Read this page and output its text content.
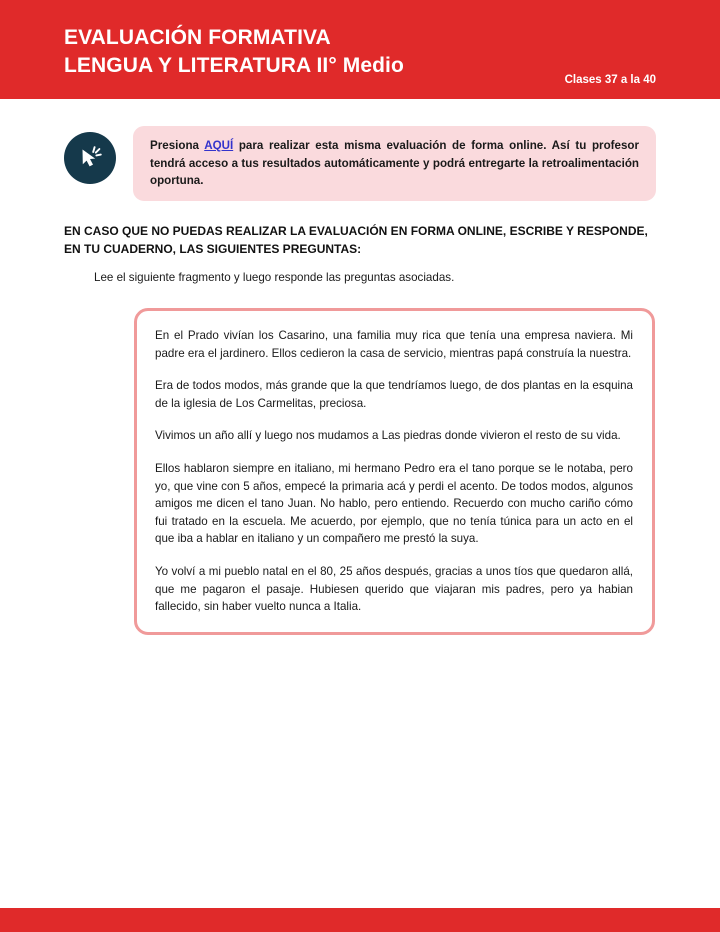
EVALUACIÓN FORMATIVA
LENGUA Y LITERATURA II° Medio
Clases 37 a la 40

Presiona AQUÍ para realizar esta misma evaluación de forma online. Así tu profesor tendrá acceso a tus resultados automáticamente y podrá entregarte la retroalimentación oportuna.

EN CASO QUE NO PUEDAS REALIZAR LA EVALUACIÓN EN FORMA ONLINE, ESCRIBE Y RESPONDE, EN TU CUADERNO, LAS SIGUIENTES PREGUNTAS:
Lee el siguiente fragmento y luego responde las preguntas asociadas.

En el Prado vivían los Casarino, una familia muy rica que tenía una empresa naviera. Mi padre era el jardinero. Ellos cedieron la casa de servicio, mientras papá construía la nuestra.

Era de todos modos, más grande que la que tendríamos luego, de dos plantas en la esquina de la iglesia de Los Carmelitas, preciosa.

Vivimos un año allí y luego nos mudamos a Las piedras donde vivieron el resto de su vida.

Ellos hablaron siempre en italiano, mi hermano Pedro era el tano porque se le notaba, pero yo, que vine con 5 años, empecé la primaria acá y perdi el acento. De todos modos, algunos amigos me dicen el tano Juan. No hablo, pero entiendo. Recuerdo con mucho cariño cómo fui tratado en la escuela. Me acuerdo, por ejemplo, que no tenía túnica para un acto en el que iba a hablar en italiano y un compañero me prestó la suya.

Yo volví a mi pueblo natal en el 80, 25 años después, gracias a unos tíos que quedaron allá, que me pagaron el pasaje. Hubiesen querido que viajaran mis padres, pero ya habian fallecido, sin haber vuelto nunca a Italia.
